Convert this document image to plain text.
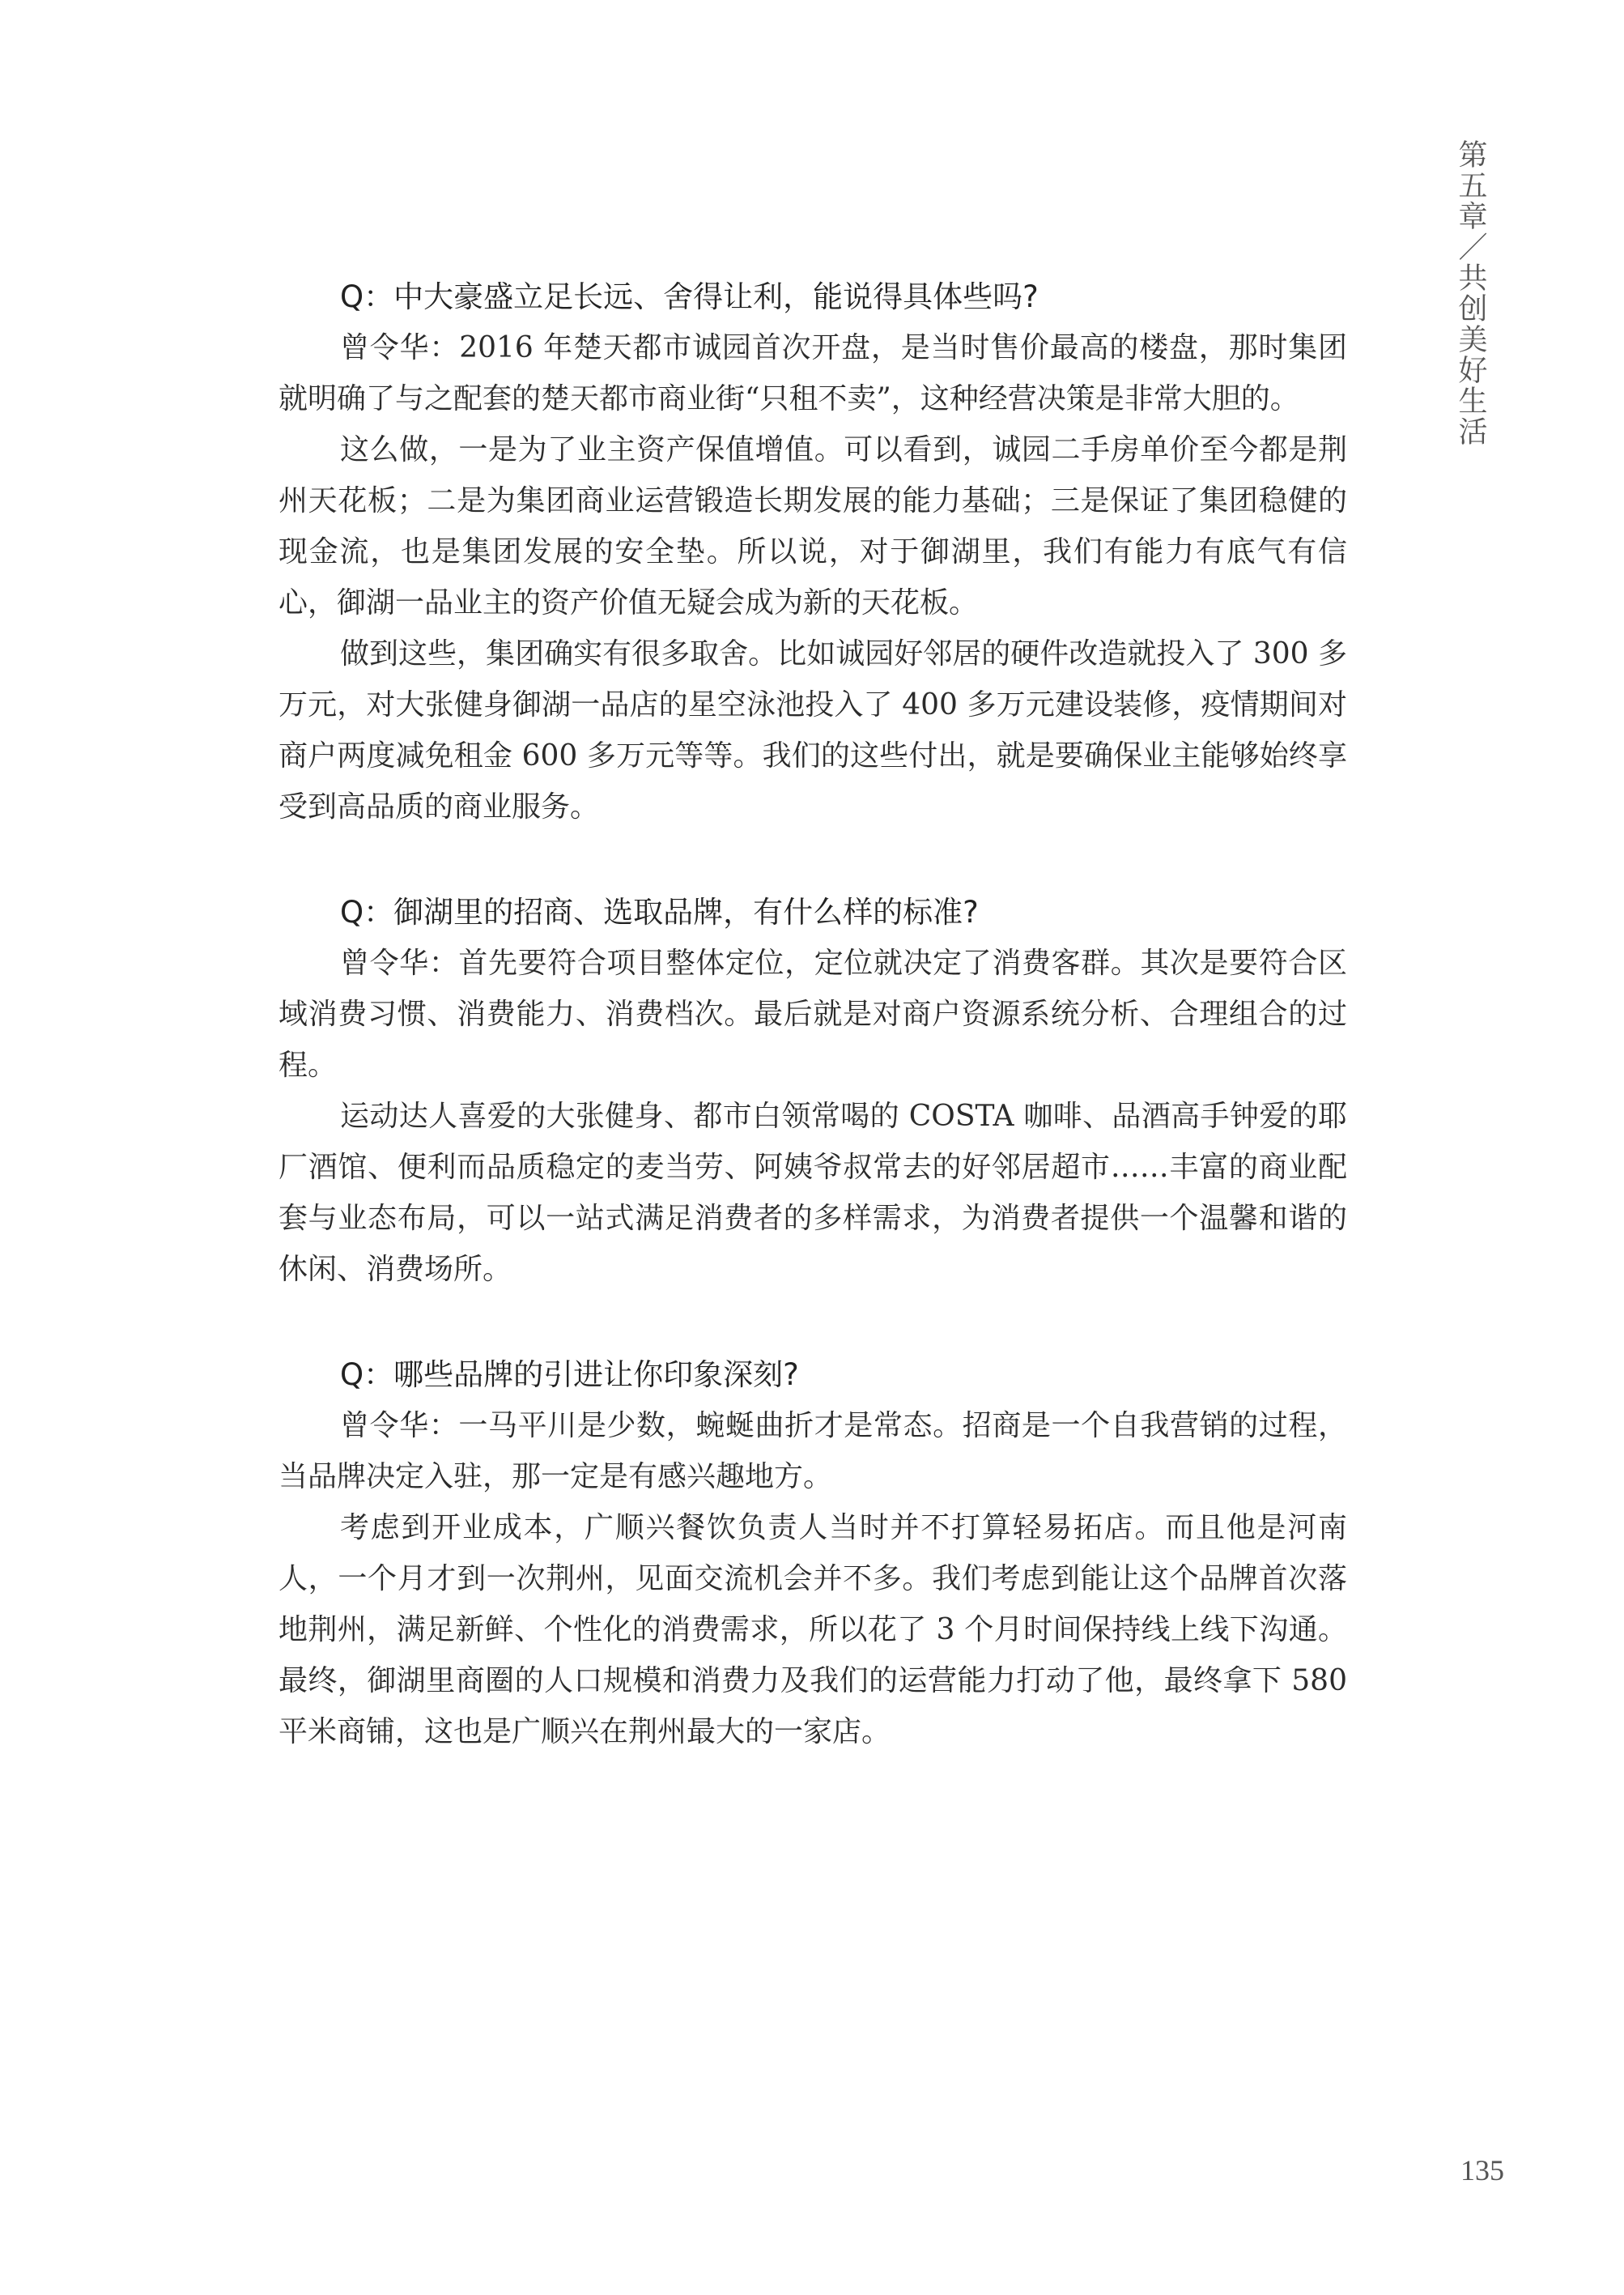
第五章／共创美好生活

Q：中大豪盛立足长远、舍得让利，能说得具体些吗?

曾令华：2016 年楚天都市诚园首次开盘，是当时售价最高的楼盘，那时集团就明确了与之配套的楚天都市商业街“只租不卖”，这种经营决策是非常大胆的。

这么做，一是为了业主资产保值增值。可以看到，诚园二手房单价至今都是荆州天花板；二是为集团商业运营锻造长期发展的能力基础；三是保证了集团稳健的现金流，也是集团发展的安全垫。所以说，对于御湖里，我们有能力有底气有信心，御湖一品业主的资产价值无疑会成为新的天花板。

做到这些，集团确实有很多取舍。比如诚园好邻居的硬件改造就投入了 300 多万元，对大张健身御湖一品店的星空泳池投入了 400 多万元建设装修，疫情期间对商户两度减免租金 600 多万元等等。我们的这些付出，就是要确保业主能够始终享受到高品质的商业服务。

Q：御湖里的招商、选取品牌，有什么样的标准?

曾令华：首先要符合项目整体定位，定位就决定了消费客群。其次是要符合区域消费习惯、消费能力、消费档次。最后就是对商户资源系统分析、合理组合的过程。

运动达人喜爱的大张健身、都市白领常喝的 COSTA 咖啡、品酒高手钟爱的耶厂酒馆、便利而品质稳定的麦当劳、阿姨爷叔常去的好邻居超市……丰富的商业配套与业态布局，可以一站式满足消费者的多样需求，为消费者提供一个温馨和谐的休闲、消费场所。

Q：哪些品牌的引进让你印象深刻?

曾令华：一马平川是少数，蜿蜒曲折才是常态。招商是一个自我营销的过程，当品牌决定入驻，那一定是有感兴趣地方。

考虑到开业成本，广顺兴餐饮负责人当时并不打算轻易拓店。而且他是河南人，一个月才到一次荆州，见面交流机会并不多。我们考虑到能让这个品牌首次落地荆州，满足新鲜、个性化的消费需求，所以花了 3 个月时间保持线上线下沟通。最终，御湖里商圈的人口规模和消费力及我们的运营能力打动了他，最终拿下 580 平米商铺，这也是广顺兴在荆州最大的一家店。

135
